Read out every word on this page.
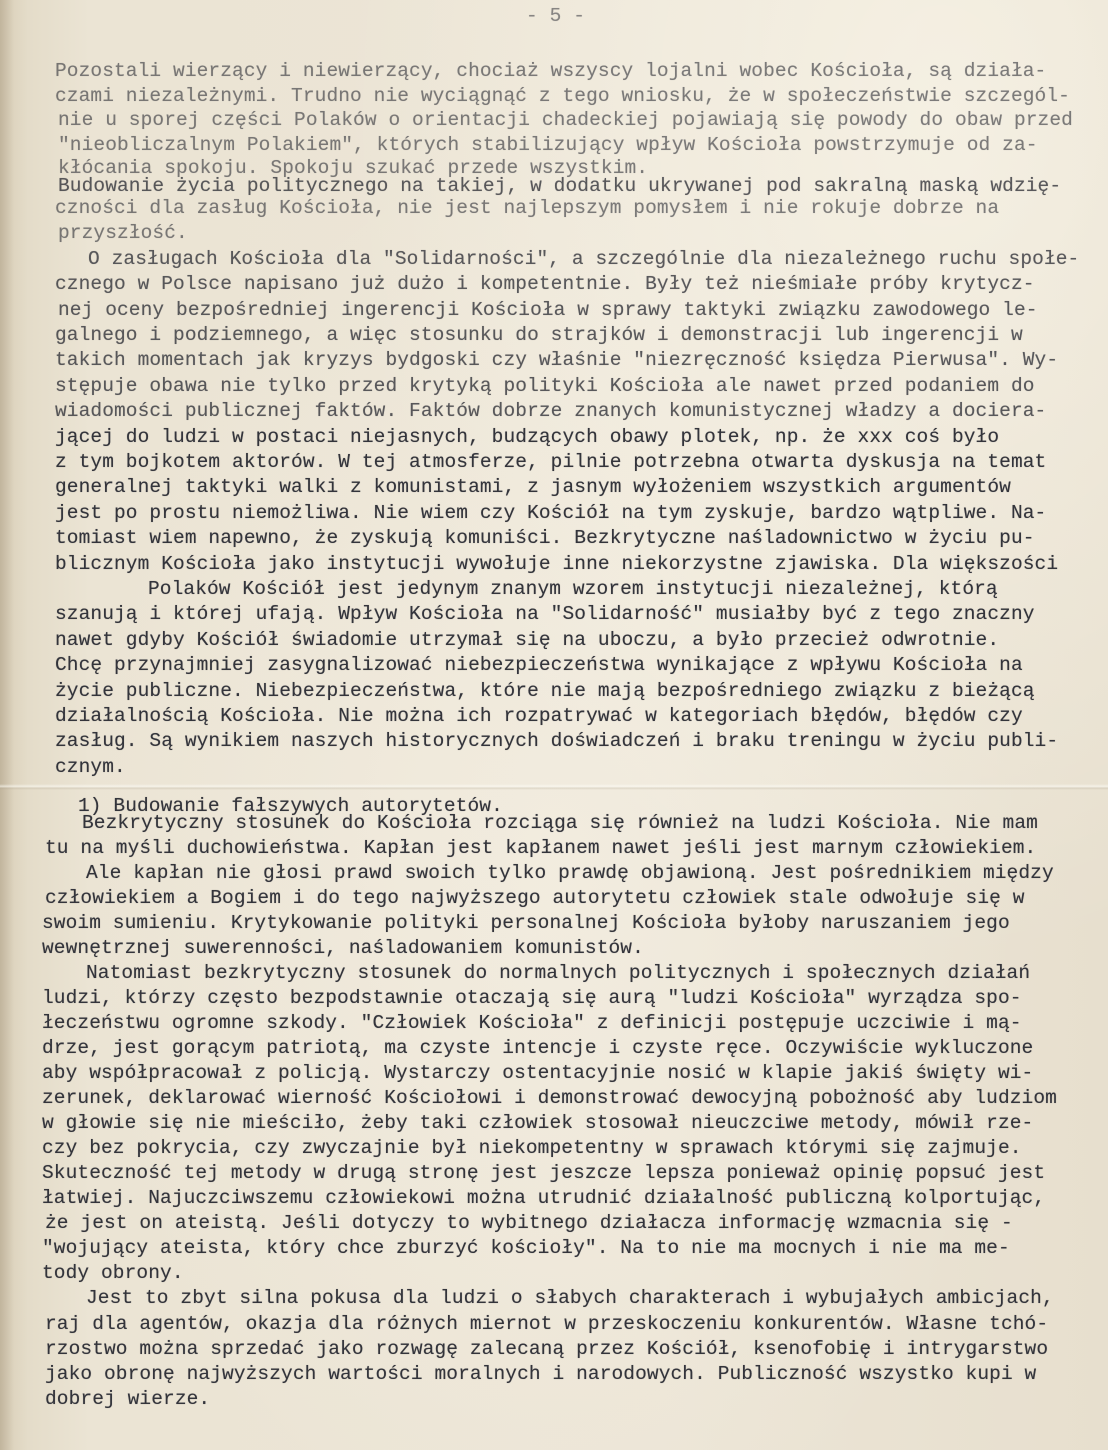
- 5 -
Pozostali wierzący i niewierzący, chociaż wszyscy lojalni wobec Kościoła, są działa-
czami niezależnymi. Trudno nie wyciągnąć z tego wniosku, że w społeczeństwie szczegól-
nie u sporej części Polaków o orientacji chadeckiej pojawiają się powody do obaw przed
"nieobliczalnym Polakiem", których stabilizujący wpływ Kościoła powstrzymuje od za-
kłócania spokoju. Spokoju szukać przede wszystkim.
Budowanie życia politycznego na takiej, w dodatku ukrywanej pod sakralną maską wdzię-
czności dla zasług Kościoła, nie jest najlepszym pomysłem i nie rokuje dobrze na
przyszłość.
O zasługach Kościoła dla "Solidarności", a szczególnie dla niezależnego ruchu społe-
cznego w Polsce napisano już dużo i kompetentnie. Były też nieśmiałe próby krytycz-
nej oceny bezpośredniej ingerencji Kościoła w sprawy taktyki związku zawodowego le-
galnego i podziemnego, a więc stosunku do strajków i demonstracji lub ingerencji w
takich momentach jak kryzys bydgoski czy właśnie "niezręczność księdza Pierwusa". Wy-
stępuje obawa nie tylko przed krytyką polityki Kościoła ale nawet przed podaniem do
wiadomości publicznej faktów. Faktów dobrze znanych komunistycznej władzy a dociera-
jącej do ludzi w postaci niejasnych, budzących obawy plotek, np. że xxx coś było
z tym bojkotem aktorów. W tej atmosferze, pilnie potrzebna otwarta dyskusja na temat
generalnej taktyki walki z komunistami, z jasnym wyłożeniem wszystkich argumentów
jest po prostu niemożliwa. Nie wiem czy Kościół na tym zyskuje, bardzo wątpliwe. Na-
tomiast wiem napewno, że zyskują komuniści. Bezkrytyczne naśladownictwo w życiu pu-
blicznym Kościoła jako instytucji wywołuje inne niekorzystne zjawiska. Dla większości
Polaków Kościół jest jedynym znanym wzorem instytucji niezależnej, którą
szanują i której ufają. Wpływ Kościoła na "Solidarność" musiałby być z tego znaczny
nawet gdyby Kościół świadomie utrzymał się na uboczu, a było przecież odwrotnie.
Chcę przynajmniej zasygnalizować niebezpieczeństwa wynikające z wpływu Kościoła na
życie publiczne. Niebezpieczeństwa, które nie mają bezpośredniego związku z bieżącą
działalnością Kościoła. Nie można ich rozpatrywać w kategoriach błędów, błędów czy
zasług. Są wynikiem naszych historycznych doświadczeń i braku treningu w życiu publi-
cznym.
1) Budowanie fałszywych autorytetów.
Bezkrytyczny stosunek do Kościoła rozciąga się również na ludzi Kościoła. Nie mam
tu na myśli duchowieństwa. Kapłan jest kapłanem nawet jeśli jest marnym człowiekiem.
Ale kapłan nie głosi prawd swoich tylko prawdę objawioną. Jest pośrednikiem między
człowiekiem a Bogiem i do tego najwyższego autorytetu człowiek stale odwołuje się w
swoim sumieniu. Krytykowanie polityki personalnej Kościoła byłoby naruszaniem jego
wewnętrznej suwerenności, naśladowaniem komunistów.
Natomiast bezkrytyczny stosunek do normalnych politycznych i społecznych działań
ludzi, którzy często bezpodstawnie otaczają się aurą "ludzi Kościoła" wyrządza spo-
łeczeństwu ogromne szkody. "Człowiek Kościoła" z definicji postępuje uczciwie i mą-
drze, jest gorącym patriotą, ma czyste intencje i czyste ręce. Oczywiście wykluczone
aby współpracował z policją. Wystarczy ostentacyjnie nosić w klapie jakiś święty wi-
zerunek, deklarować wierność Kościołowi i demonstrować dewocyjną pobożność aby ludziom
w głowie się nie mieściło, żeby taki człowiek stosował nieuczciwe metody, mówił rze-
czy bez pokrycia, czy zwyczajnie był niekompetentny w sprawach którymi się zajmuje.
Skuteczność tej metody w drugą stronę jest jeszcze lepsza ponieważ opinię popsuć jest
łatwiej. Najuczciwszemu człowiekowi można utrudnić działalność publiczną kolportując,
że jest on ateistą. Jeśli dotyczy to wybitnego działacza informację wzmacnia się -
"wojujący ateista, który chce zburzyć kościoły". Na to nie ma mocnych i nie ma me-
tody obrony.
Jest to zbyt silna pokusa dla ludzi o słabych charakterach i wybujałych ambicjach,
raj dla agentów, okazja dla różnych miernot w przeskoczeniu konkurentów. Własne tchó-
rzostwo można sprzedać jako rozwagę zalecaną przez Kościół, ksenofobię i intrygarstwo
jako obronę najwyższych wartości moralnych i narodowych. Publiczność wszystko kupi w
dobrej wierze.
